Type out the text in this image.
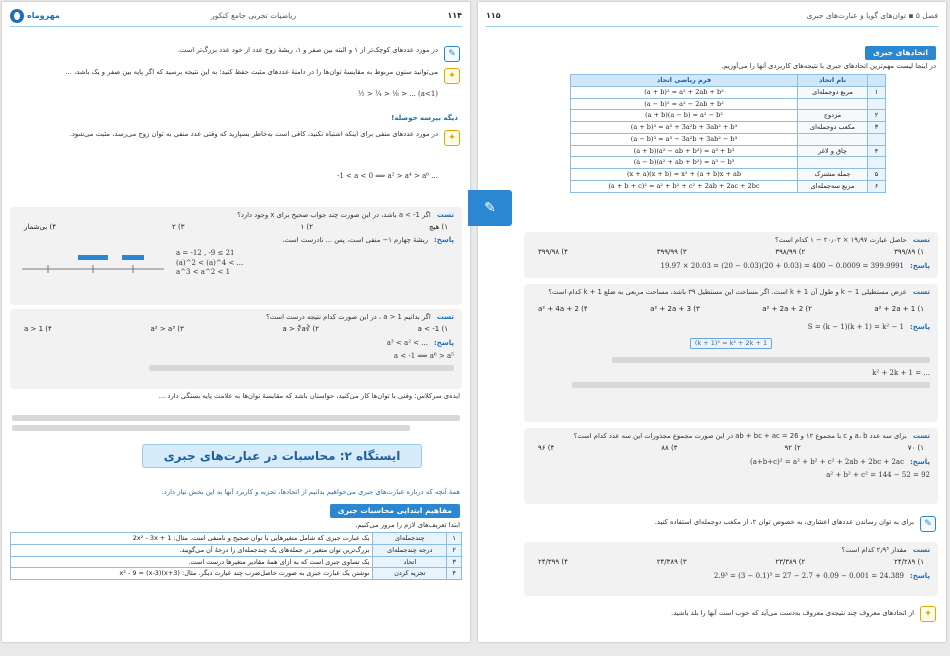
۱۱۴
ریاضیات تجربی جامع کنکور
مهروماه
✎
در مورد عددهای کوچک‌تر از ۱ و البته بین صفر و ۱، ریشهٔ زوج عدد از خود عدد بزرگ‌تر است.
✦
می‌توانید ستون مربوط به مقایسهٔ توان‌ها را در دامنهٔ عددهای مثبت حفظ کنید؛ به این نتیجه برسید که اگر پایه بین صفر و یک باشد، ...
½ > ¼ > ⅛ > ... (a<1)
دیگه بپرسه حوصله!
✦
در مورد عددهای منفی برای اینکه اشتباه نکنید، کافی است به‌خاطر بسپارید که وقتی عدد منفی به توان زوج می‌رسد، مثبت می‌شود.
-1 < a < 0 ⟹ a² > a⁴ > a⁶ ...
تست
اگر a < -1 باشد، در این صورت چند جواب صحیح برای x وجود دارد؟
۱) هیچ
۲) ۱
۳) ۲
۴) بی‌شمار
پاسخ:
ریشهٔ چهارم ۱− منفی است، پس ... نادرست است.
a = -12 , -9 ≤ 21
(a)^2 < (a)^4 < ...
a^3 < a^2 < 1
تست
اگر بدانیم a > 1 ، در این صورت کدام نتیجه درست است؟
۱) a < -1
۲) ∛a > ∜a
۳) a² > a³
۴) a > 1
پاسخ:
a³ < a² < ...
a < -1 ⟹ a⁶ > a⁵
ایده‌ی سرکلاس: وقتی با توان‌ها کار می‌کنید، حواستان باشد که مقایسهٔ توان‌ها به علامت پایه بستگی دارد ...
ایستگاه ۲: محاسبات در عبارت‌های جبری
همهٔ آنچه که درباره عبارت‌های جبری می‌خواهیم بدانیم از اتحادها، تجزیه و کاربرد آنها به این بخش نیاز دارد.
مفاهیم ابتدایی محاسبات جبری
ابتدا تعریف‌های لازم را مرور می‌کنیم.
۱	چندجمله‌ای	یک عبارت جبری که شامل متغیرهایی با توان صحیح و نامنفی است. مثال: 2x² - 3x + 1
۲	درجه چندجمله‌ای	بزرگ‌ترین توان متغیر در جمله‌های یک چندجمله‌ای را درجهٔ آن می‌گویند.
۳	اتحاد	یک تساوی جبری است که به ازای همهٔ مقادیر متغیرها درست است.
۴	تجزیه کردن	نوشتن یک عبارت جبری به صورت حاصل‌ضرب چند عبارت دیگر. مثال: x² - 9 = (x-3)(x+3)
✎
فصل ۵ ▪ توان‌های گویا و عبارت‌های جبری
۱۱۵
اتحادهای جبری
در اینجا لیست مهم‌ترین اتحادهای جبری با نتیجه‌های کاربردی آنها را می‌آوریم.
	نام اتحاد	فرم ریاضی اتحاد
۱	مربع دوجمله‌ای	(a + b)² = a² + 2ab + b²
		(a − b)² = a² − 2ab + b²
۲	مزدوج	(a + b)(a − b) = a² − b²
۳	مکعب دوجمله‌ای	(a + b)³ = a³ + 3a²b + 3ab² + b³
		(a − b)³ = a³ − 3a²b + 3ab² − b³
۴	چاق و لاغر	(a + b)(a² − ab + b²) = a³ + b³
		(a − b)(a² + ab + b²) = a³ − b³
۵	جمله مشترک	(x + a)(x + b) = x² + (a + b)x + ab
۶	مربع سه‌جمله‌ای	(a + b + c)² = a² + b² + c² + 2ab + 2ac + 2bc
تست
حاصل عبارت ۱۹٫۹۷ × ۲۰٫۰۳ − ۱ کدام است؟
۱) ۳۹۹/۸۹
۲) ۳۹۸/۹۹
۳) ۳۹۹/۹۹
۴) ۳۹۹/۹۸
پاسخ:
19.97 × 20.03 = (20 − 0.03)(20 + 0.03) = 400 − 0.0009 = 399.9991
تست
عرض مستطیلی k − 1 و طول آن k + 1 است. اگر مساحت این مستطیل ۳۹ باشد، مساحت مربعی به ضلع k + 1 کدام است؟
۱) a² + 2a + 1
۲) a² + 2a + 2
۳) a² + 2a + 3
۴) a² + 4a + 2
پاسخ:
S = (k − 1)(k + 1) = k² − 1
(k + 1)² = k² + 2k + 1
k² + 2k + 1 = ...
تست
برای سه عدد a، b و c با مجموع ۱۲ و ab + bc + ac = 26 در این صورت مجموع مجذورات این سه عدد کدام است؟
۱) ۷۰
۲) ۹۲
۳) ۸۸
۴) ۹۶
پاسخ:
(a+b+c)² = a² + b² + c² + 2ab + 2bc + 2ac
a² + b² + c² = 144 − 52 = 92
✎
برای به توان رساندن عددهای اعشاری، به خصوص توان ۲، از مکعب دوجمله‌ای استفاده کنید.
تست
مقدار ۲٫۹³ کدام است؟
۱) ۲۴/۲۸۹
۲) ۲۳/۳۸۹
۳) ۲۴/۳۸۹
۴) ۲۴/۳۹۹
پاسخ:
2.9³ = (3 − 0.1)³ = 27 − 2.7 + 0.09 − 0.001 = 24.389
✦
از اتحادهای معروف چند نتیجه‌ی معروف به‌دست می‌آید که خوب است آنها را بلد باشید.
